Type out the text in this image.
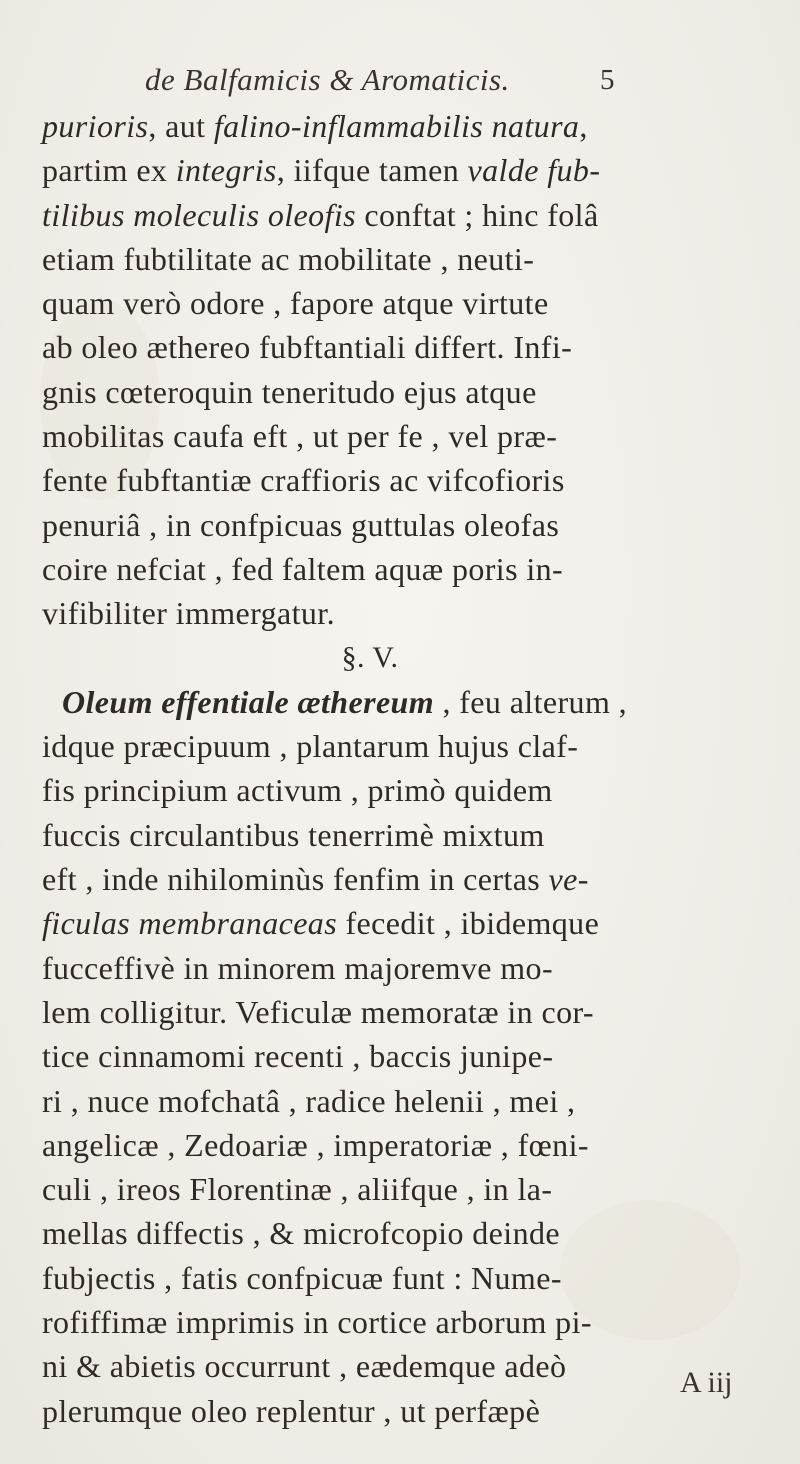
de Balfamicis & Aromaticis.	5
purioris, aut falino-inflammabilis natura,
partim ex integris, iifque tamen valde fub-
tilibus moleculis oleofis conftat ; hinc folâ
etiam fubtilitate ac mobilitate , neuti-
quam verò odore , fapore atque virtute
ab oleo æthereo fubftantiali differt. Infi-
gnis cœteroquin teneritudo ejus atque
mobilitas caufa eft , ut per fe , vel præ-
fente fubftantiæ craffioris ac vifcofioris
penuriâ , in confpicuas guttulas oleofas
coire nefciat , fed faltem aquæ poris in-
vifibiliter immergatur.
§. V.
Oleum effentiale æthereum , feu alterum ,
idque præcipuum , plantarum hujus claf-
fis principium activum , primò quidem
fuccis circulantibus tenerrimè mixtum
eft , inde nihilominùs fenfim in certas ve-
ficulas membranaceas fecedit , ibidemque
fucceffivè in minorem majoremve mo-
lem colligitur. Veficulæ memoratæ in cor-
tice cinnamomi recenti , baccis junipe-
ri , nuce mofchatâ , radice helenii , mei ,
angelicæ , Zedoariæ , imperatoriæ , fœni-
culi , ireos Florentinæ , aliifque , in la-
mellas diffectis , & microfcopio deinde
fubjectis , fatis confpicuæ funt : Nume-
rofiffimæ imprimis in cortice arborum pi-
ni & abietis occurrunt , eædemque adeò
plerumque oleo replentur , ut perfæpè
A iij
